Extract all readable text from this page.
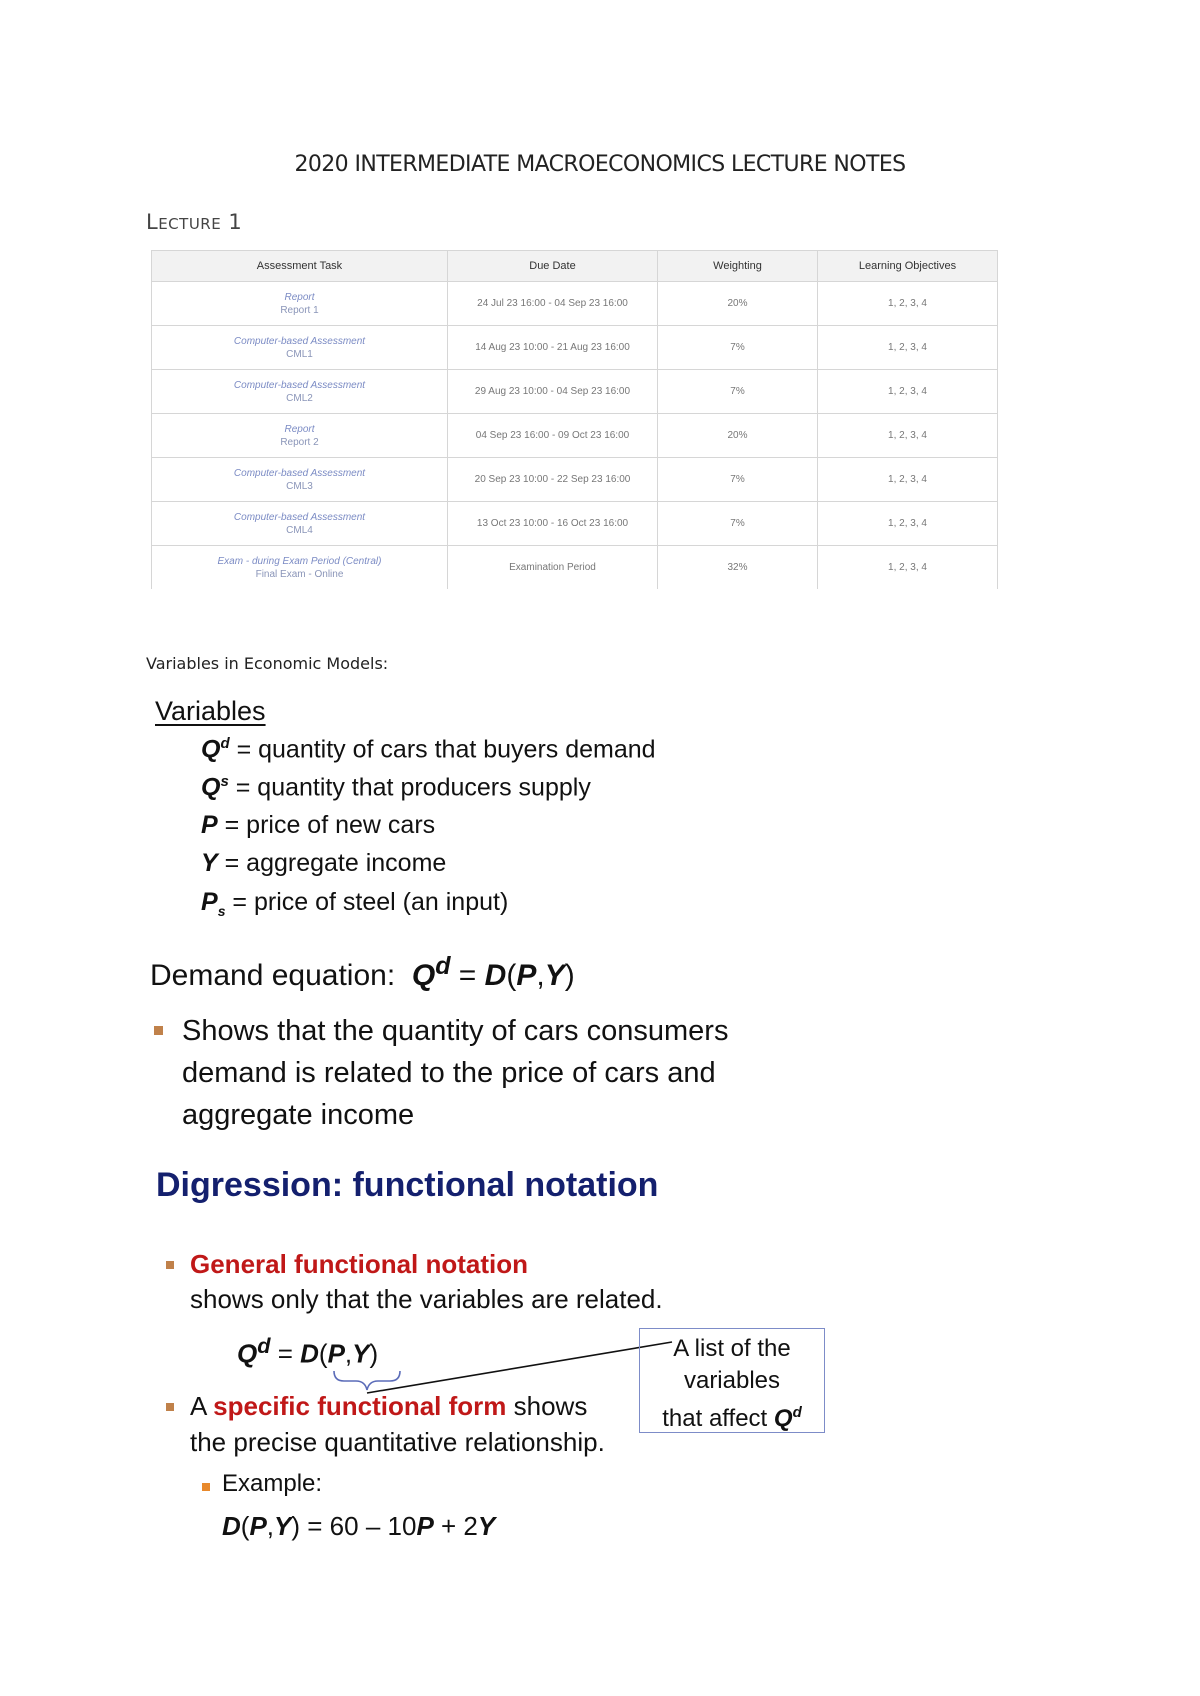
2020 INTERMEDIATE MACROECONOMICS LECTURE NOTES
Lecture 1
Assessment Task	Due Date	Weighting	Learning Objectives

Report
Report 1	24 Jul 23 16:00 - 04 Sep 23 16:00	20%	1, 2, 3, 4

Computer-based Assessment
CML1	14 Aug 23 10:00 - 21 Aug 23 16:00	7%	1, 2, 3, 4

Computer-based Assessment
CML2	29 Aug 23 10:00 - 04 Sep 23 16:00	7%	1, 2, 3, 4

Report
Report 2	04 Sep 23 16:00 - 09 Oct 23 16:00	20%	1, 2, 3, 4

Computer-based Assessment
CML3	20 Sep 23 10:00 - 22 Sep 23 16:00	7%	1, 2, 3, 4

Computer-based Assessment
CML4	13 Oct 23 10:00 - 16 Oct 23 16:00	7%	1, 2, 3, 4

Exam - during Exam Period (Central)
Final Exam - Online	Examination Period	32%	1, 2, 3, 4
Variables in Economic Models:
Variables
$Q^d$ = quantity of cars that buyers demand
$Q^s$ = quantity that producers supply
P = price of new cars
Y = aggregate income
$P_s$ = price of steel (an input)
Demand equation: Q$^d$ = D(P,Y)
Shows that the quantity of cars consumers demand is related to the price of cars and aggregate income
Digression: functional notation
General functional notation
shows only that the variables are related.
Q$^d$ = D(P,Y)	A list of the
variables
that affect Q$^d$
A specific functional form shows
the precise quantitative relationship.
Example:
D(P,Y) = 60 – 10P + 2Y
